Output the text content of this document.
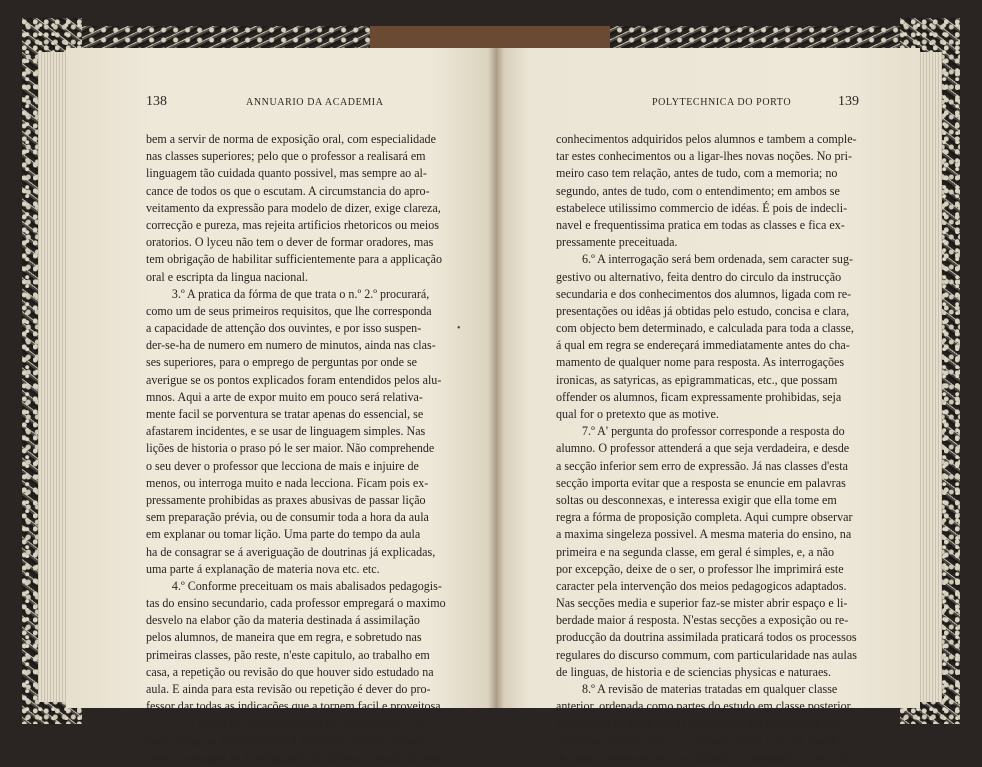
138	ANNUARIO DA ACADEMIA	POLYTECHNICA DO PORTO	139
•
bem a servir de norma de exposição oral, com especialidade
nas classes superiores; pelo que o professor a realisará em
linguagem tão cuidada quanto possivel, mas sempre ao al-
cance de todos os que o escutam. A circumstancia do apro-
veitamento da expressão para modelo de dizer, exige clareza,
correcção e pureza, mas rejeita artificios rhetoricos ou meios
oratorios. O lyceu não tem o dever de formar oradores, mas
tem obrigação de habilitar sufficientemente para a applicação
oral e escripta da lingua nacional.
3.º A pratica da fórma de que trata o n.º 2.º procurará,
como um de seus primeiros requisitos, que lhe corresponda
a capacidade de attenção dos ouvintes, e por isso suspen-
der-se-ha de numero em numero de minutos, ainda nas clas-
ses superiores, para o emprego de perguntas por onde se
averigue se os pontos explicados foram entendidos pelos alu-
mnos. Aqui a arte de expor muito em pouco será relativa-
mente facil se porventura se tratar apenas do essencial, se
afastarem incidentes, e se usar de linguagem simples. Nas
lições de historia o praso pó le ser maior. Não comprehende
o seu dever o professor que lecciona de mais e injuire de
menos, ou interroga muito e nada lecciona. Ficam pois ex-
pressamente prohibidas as praxes abusivas de passar lição
sem preparação prévia, ou de consumir toda a hora da aula
em explanar ou tomar lição. Uma parte do tempo da aula
ha de consagrar se á averiguação de doutrinas já explicadas,
uma parte á explanação de materia nova etc. etc.
4.º Conforme preceituam os mais abalisados pedagogis-
tas do ensino secundario, cada professor empregará o maximo
desvelo na elabor ção da materia destinada á assimilação
pelos alumnos, de maneira que em regra, e sobretudo nas
primeiras classes, pão reste, n'este capitulo, ao trabalho em
casa, a repetição ou revisão do que houver sido estudado na
aula. E ainda para esta revisão ou repetição é dever do pro-
fessor dar todas as indicações que a tornem facil e proveitosa.
5.º A fórma de ensino por meio de interrogação e res-
posta dirige-se de preferencia á actividade mental reprodu-
ctiva, e consagra se á averiguação da firmeza e exactidão dos
conhecimentos adquiridos pelos alumnos e tambem a comple-
tar estes conhecimentos ou a ligar-lhes novas noções. No pri-
meiro caso tem relação, antes de tudo, com a memoria; no
segundo, antes de tudo, com o entendimento; em ambos se
estabelece utilissimo commercio de idéas. É pois de indecli-
navel e frequentissima pratica em todas as classes e fica ex-
pressamente preceituada.
6.º A interrogação será bem ordenada, sem caracter sug-
gestivo ou alternativo, feita dentro do circulo da instrucção
secundaria e dos conhecimentos dos alumnos, ligada com re-
presentações ou idêas já obtidas pelo estudo, concisa e clara,
com objecto bem determinado, e calculada para toda a classe,
á qual em regra se endereçará immediatamente antes do cha-
mamento de qualquer nome para resposta. As interrogações
ironicas, as satyricas, as epigrammaticas, etc., que possam
offender os alumnos, ficam expressamente prohibidas, seja
qual for o pretexto que as motive.
7.º A' pergunta do professor corresponde a resposta do
alumno. O professor attenderá a que seja verdadeira, e desde
a secção inferior sem erro de expressão. Já nas classes d'esta
secção importa evitar que a resposta se enuncie em palavras
soltas ou desconnexas, e interessa exigir que ella tome em
regra a fórma de proposição completa. Aqui cumpre observar
a maxima singeleza possivel. A mesma materia do ensino, na
primeira e na segunda classe, em geral é simples, e, a não
por excepção, deixe de o ser, o professor lhe imprimirá este
caracter pela intervenção dos meios pedagogicos adaptados.
Nas secções media e superior faz-se mister abrir espaço e li-
berdade maior á resposta. N'estas secções a exposição ou re-
producção da doutrina assimilada praticará todos os processos
regulares do discurso commum, com particularidade nas aulas
de linguas, de historia e de sciencias physicas e naturaes.
8.º A revisão de materias tratadas em qualquer classe
anterior, ordenada como partes do estudo em classe posterior,
aproveitará os laços que as inscripções dos respectivos pro-
grammas tenham entre si, e sempre evitará que esta fórma
de ensino degenere em puro trabalho de memoria. Concluido
